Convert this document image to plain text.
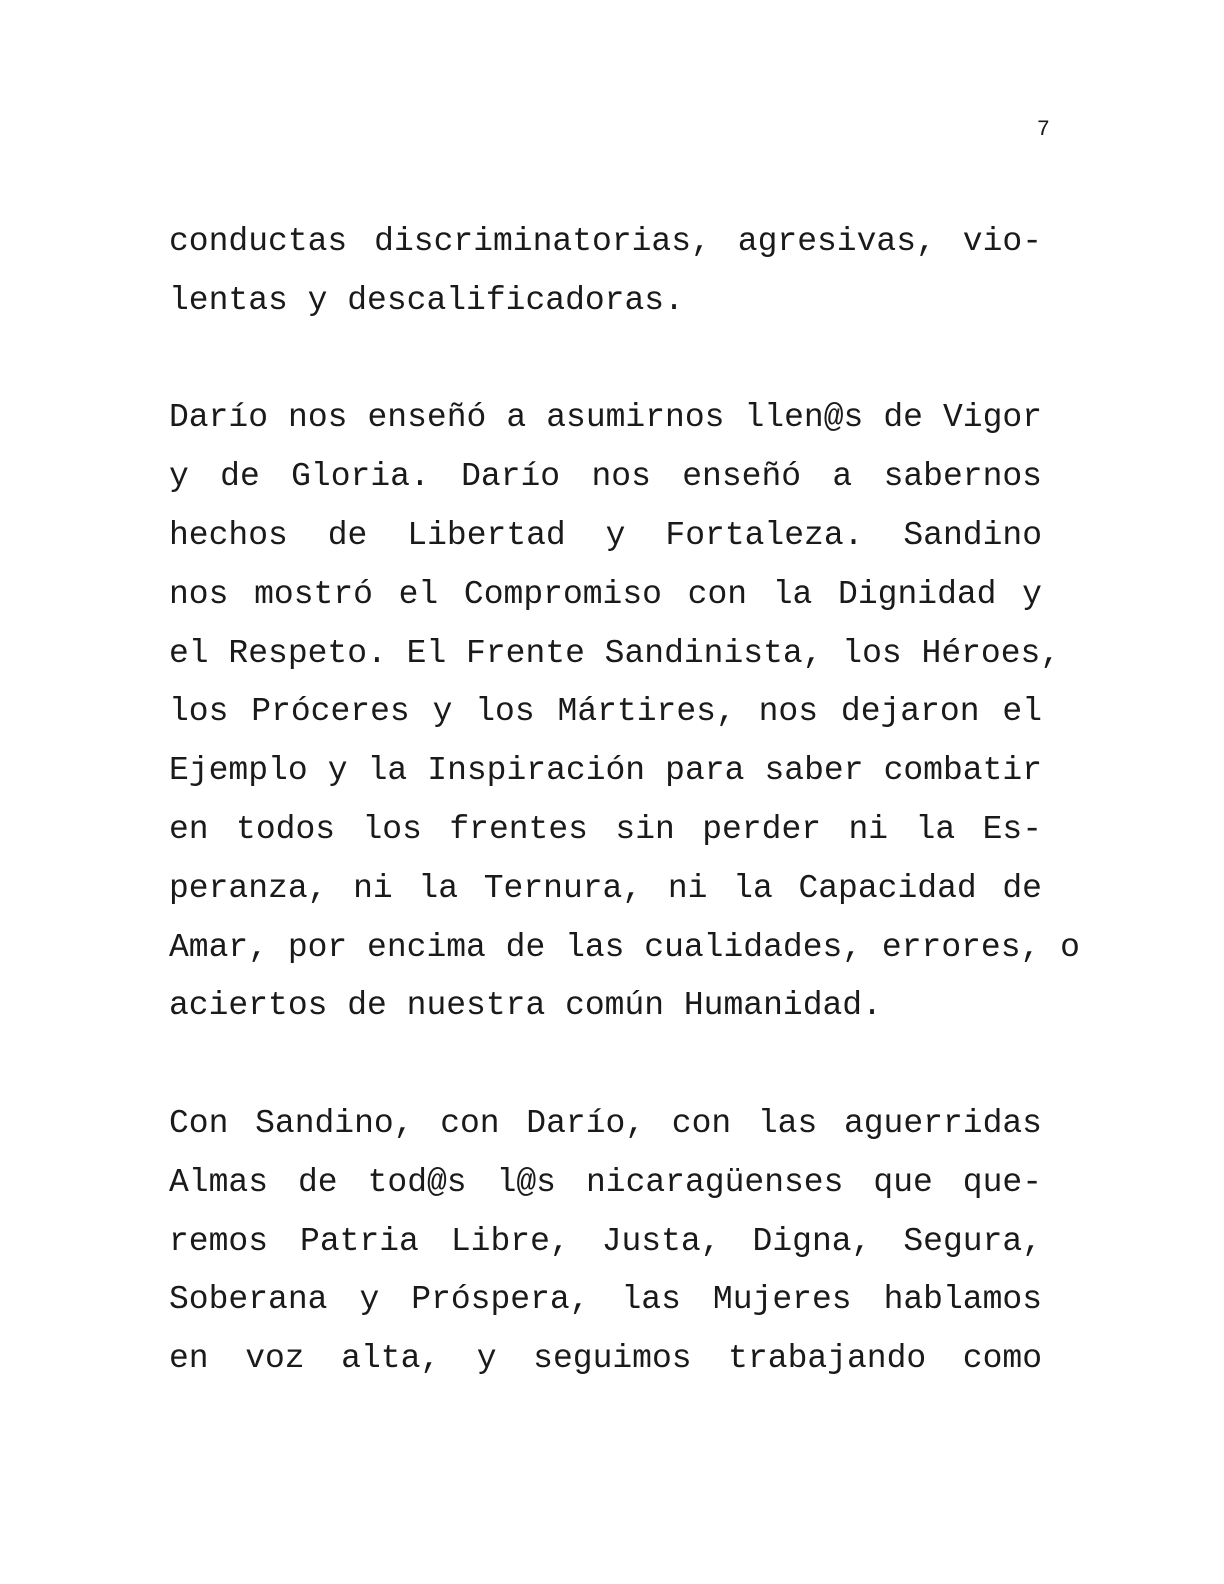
7

conductas discriminatorias, agresivas, vio-
lentas y descalificadoras.

Darío nos enseñó a asumirnos llen@s de Vigor
y de Gloria. Darío nos enseñó a sabernos
hechos de Libertad y Fortaleza. Sandino
nos mostró el Compromiso con la Dignidad y
el Respeto. El Frente Sandinista, los Héroes,
los Próceres y los Mártires, nos dejaron el
Ejemplo y la Inspiración para saber combatir
en todos los frentes sin perder ni la Es-
peranza, ni la Ternura, ni la Capacidad de
Amar, por encima de las cualidades, errores, o
aciertos de nuestra común Humanidad.

Con Sandino, con Darío, con las aguerridas
Almas de tod@s l@s nicaragüenses que que-
remos Patria Libre, Justa, Digna, Segura,
Soberana y Próspera, las Mujeres hablamos
en voz alta, y seguimos trabajando como
